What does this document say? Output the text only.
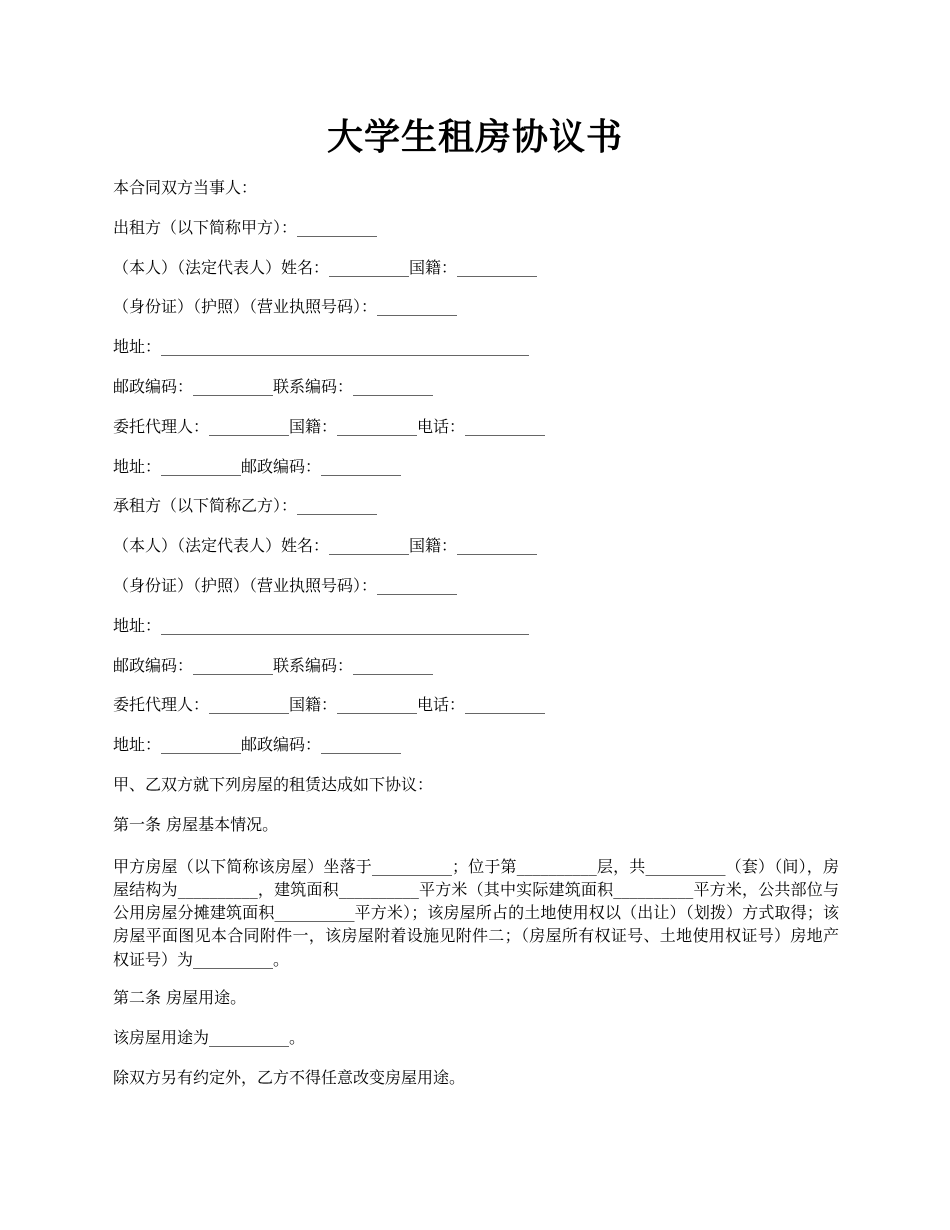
大学生租房协议书
本合同双方当事人：
出租方（以下简称甲方）：__________
（本人）（法定代表人）姓名：__________国籍：__________
（身份证）（护照）（营业执照号码）：__________
地址：______________________________________________
邮政编码：__________联系编码：__________
委托代理人：__________国籍：__________电话：__________
地址：__________邮政编码：__________
承租方（以下简称乙方）：__________
（本人）（法定代表人）姓名：__________国籍：__________
（身份证）（护照）（营业执照号码）：__________
地址：______________________________________________
邮政编码：__________联系编码：__________
委托代理人：__________国籍：__________电话：__________
地址：__________邮政编码：__________
甲、乙双方就下列房屋的租赁达成如下协议：
第一条 房屋基本情况。
甲方房屋（以下简称该房屋）坐落于__________；位于第__________层，共__________（套）（间），房屋结构为__________，建筑面积__________平方米（其中实际建筑面积__________平方米，公共部位与公用房屋分摊建筑面积__________平方米）；该房屋所占的土地使用权以（出让）（划拨）方式取得；该房屋平面图见本合同附件一，该房屋附着设施见附件二；（房屋所有权证号、土地使用权证号）房地产权证号）为__________。
第二条 房屋用途。
该房屋用途为__________。
除双方另有约定外，乙方不得任意改变房屋用途。
